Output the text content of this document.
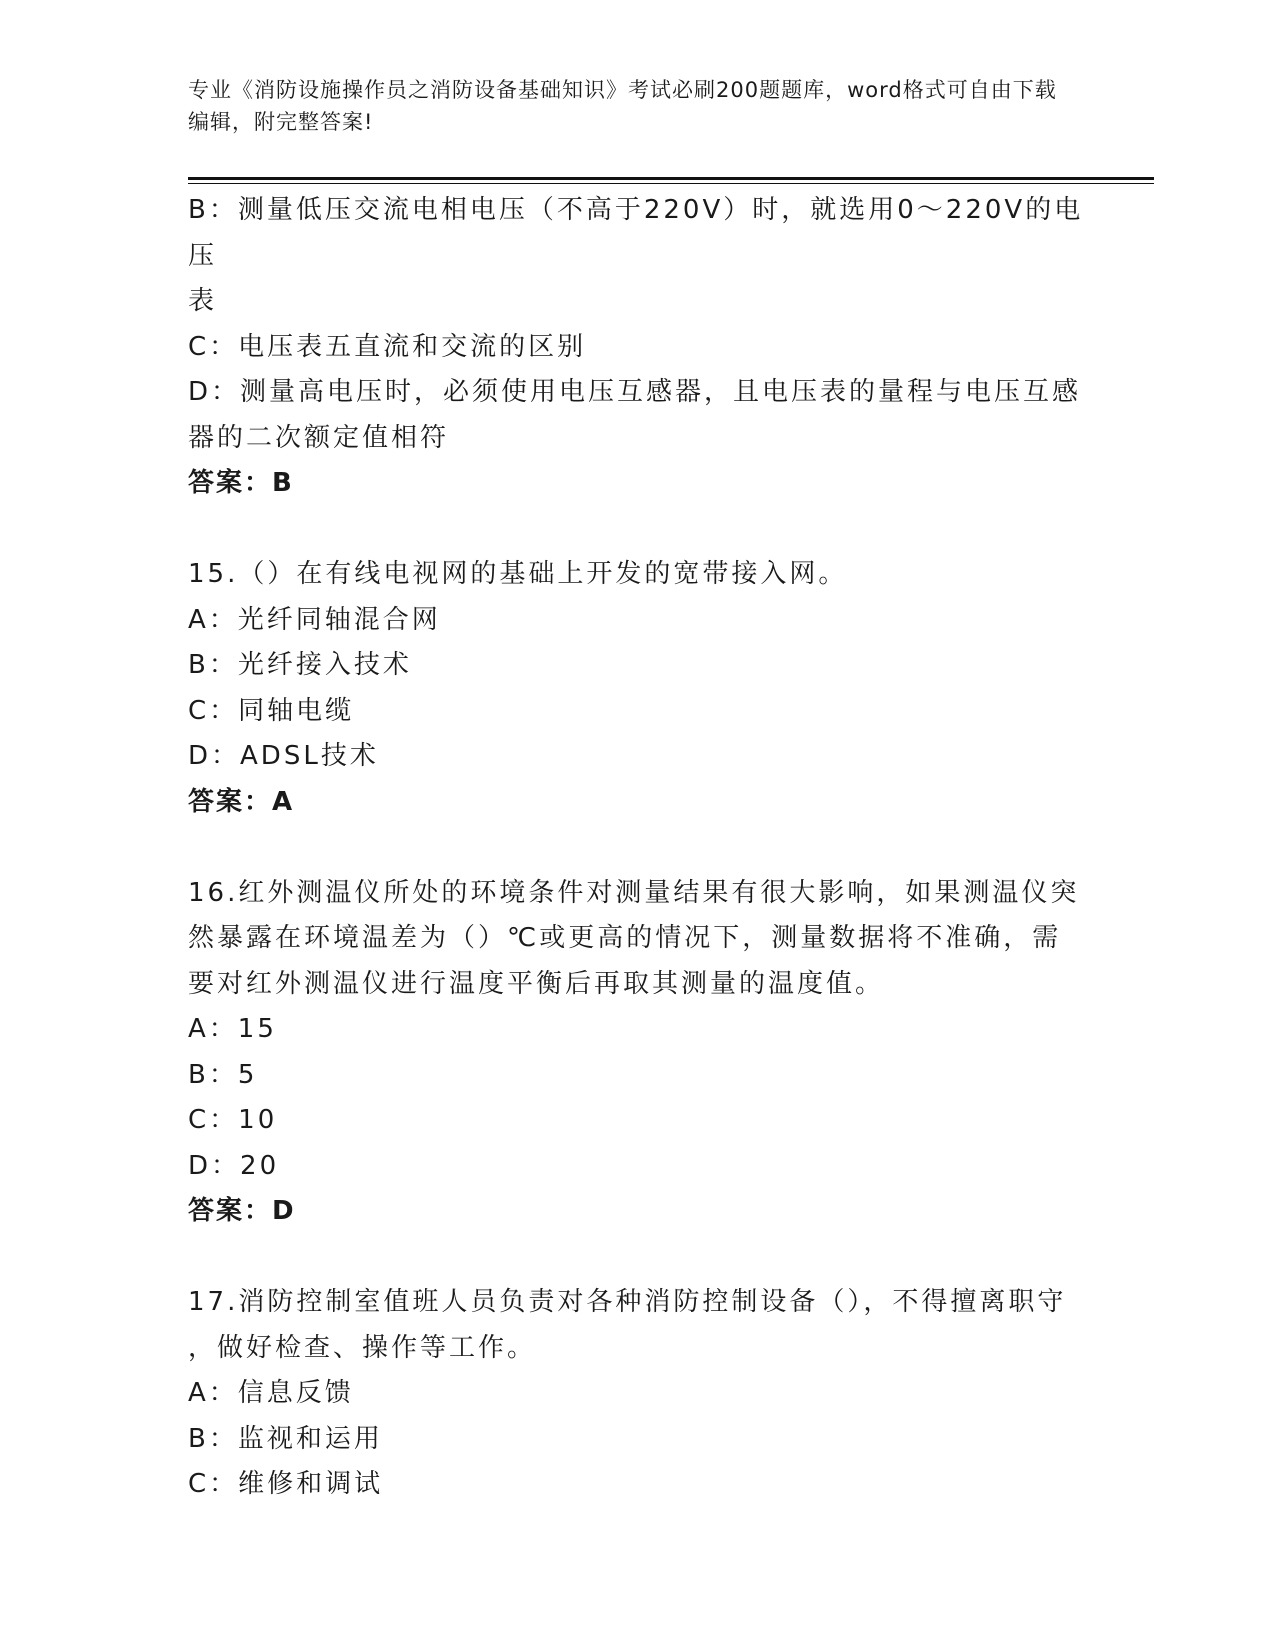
专业《消防设施操作员之消防设备基础知识》考试必刷200题题库，word格式可自由下载编辑，附完整答案!
B：测量低压交流电相电压（不高于220V）时，就选用0～220V的电压
表
C：电压表五直流和交流的区别
D：测量高电压时，必须使用电压互感器，且电压表的量程与电压互感
器的二次额定值相符
答案：B
15.（）在有线电视网的基础上开发的宽带接入网。
A：光纤同轴混合网
B：光纤接入技术
C：同轴电缆
D：ADSL技术
答案：A
16.红外测温仪所处的环境条件对测量结果有很大影响，如果测温仪突
然暴露在环境温差为（）℃或更高的情况下，测量数据将不准确，需
要对红外测温仪进行温度平衡后再取其测量的温度值。
A：15
B：5
C：10
D：20
答案：D
17.消防控制室值班人员负责对各种消防控制设备（），不得擅离职守
，做好检查、操作等工作。
A：信息反馈
B：监视和运用
C：维修和调试
